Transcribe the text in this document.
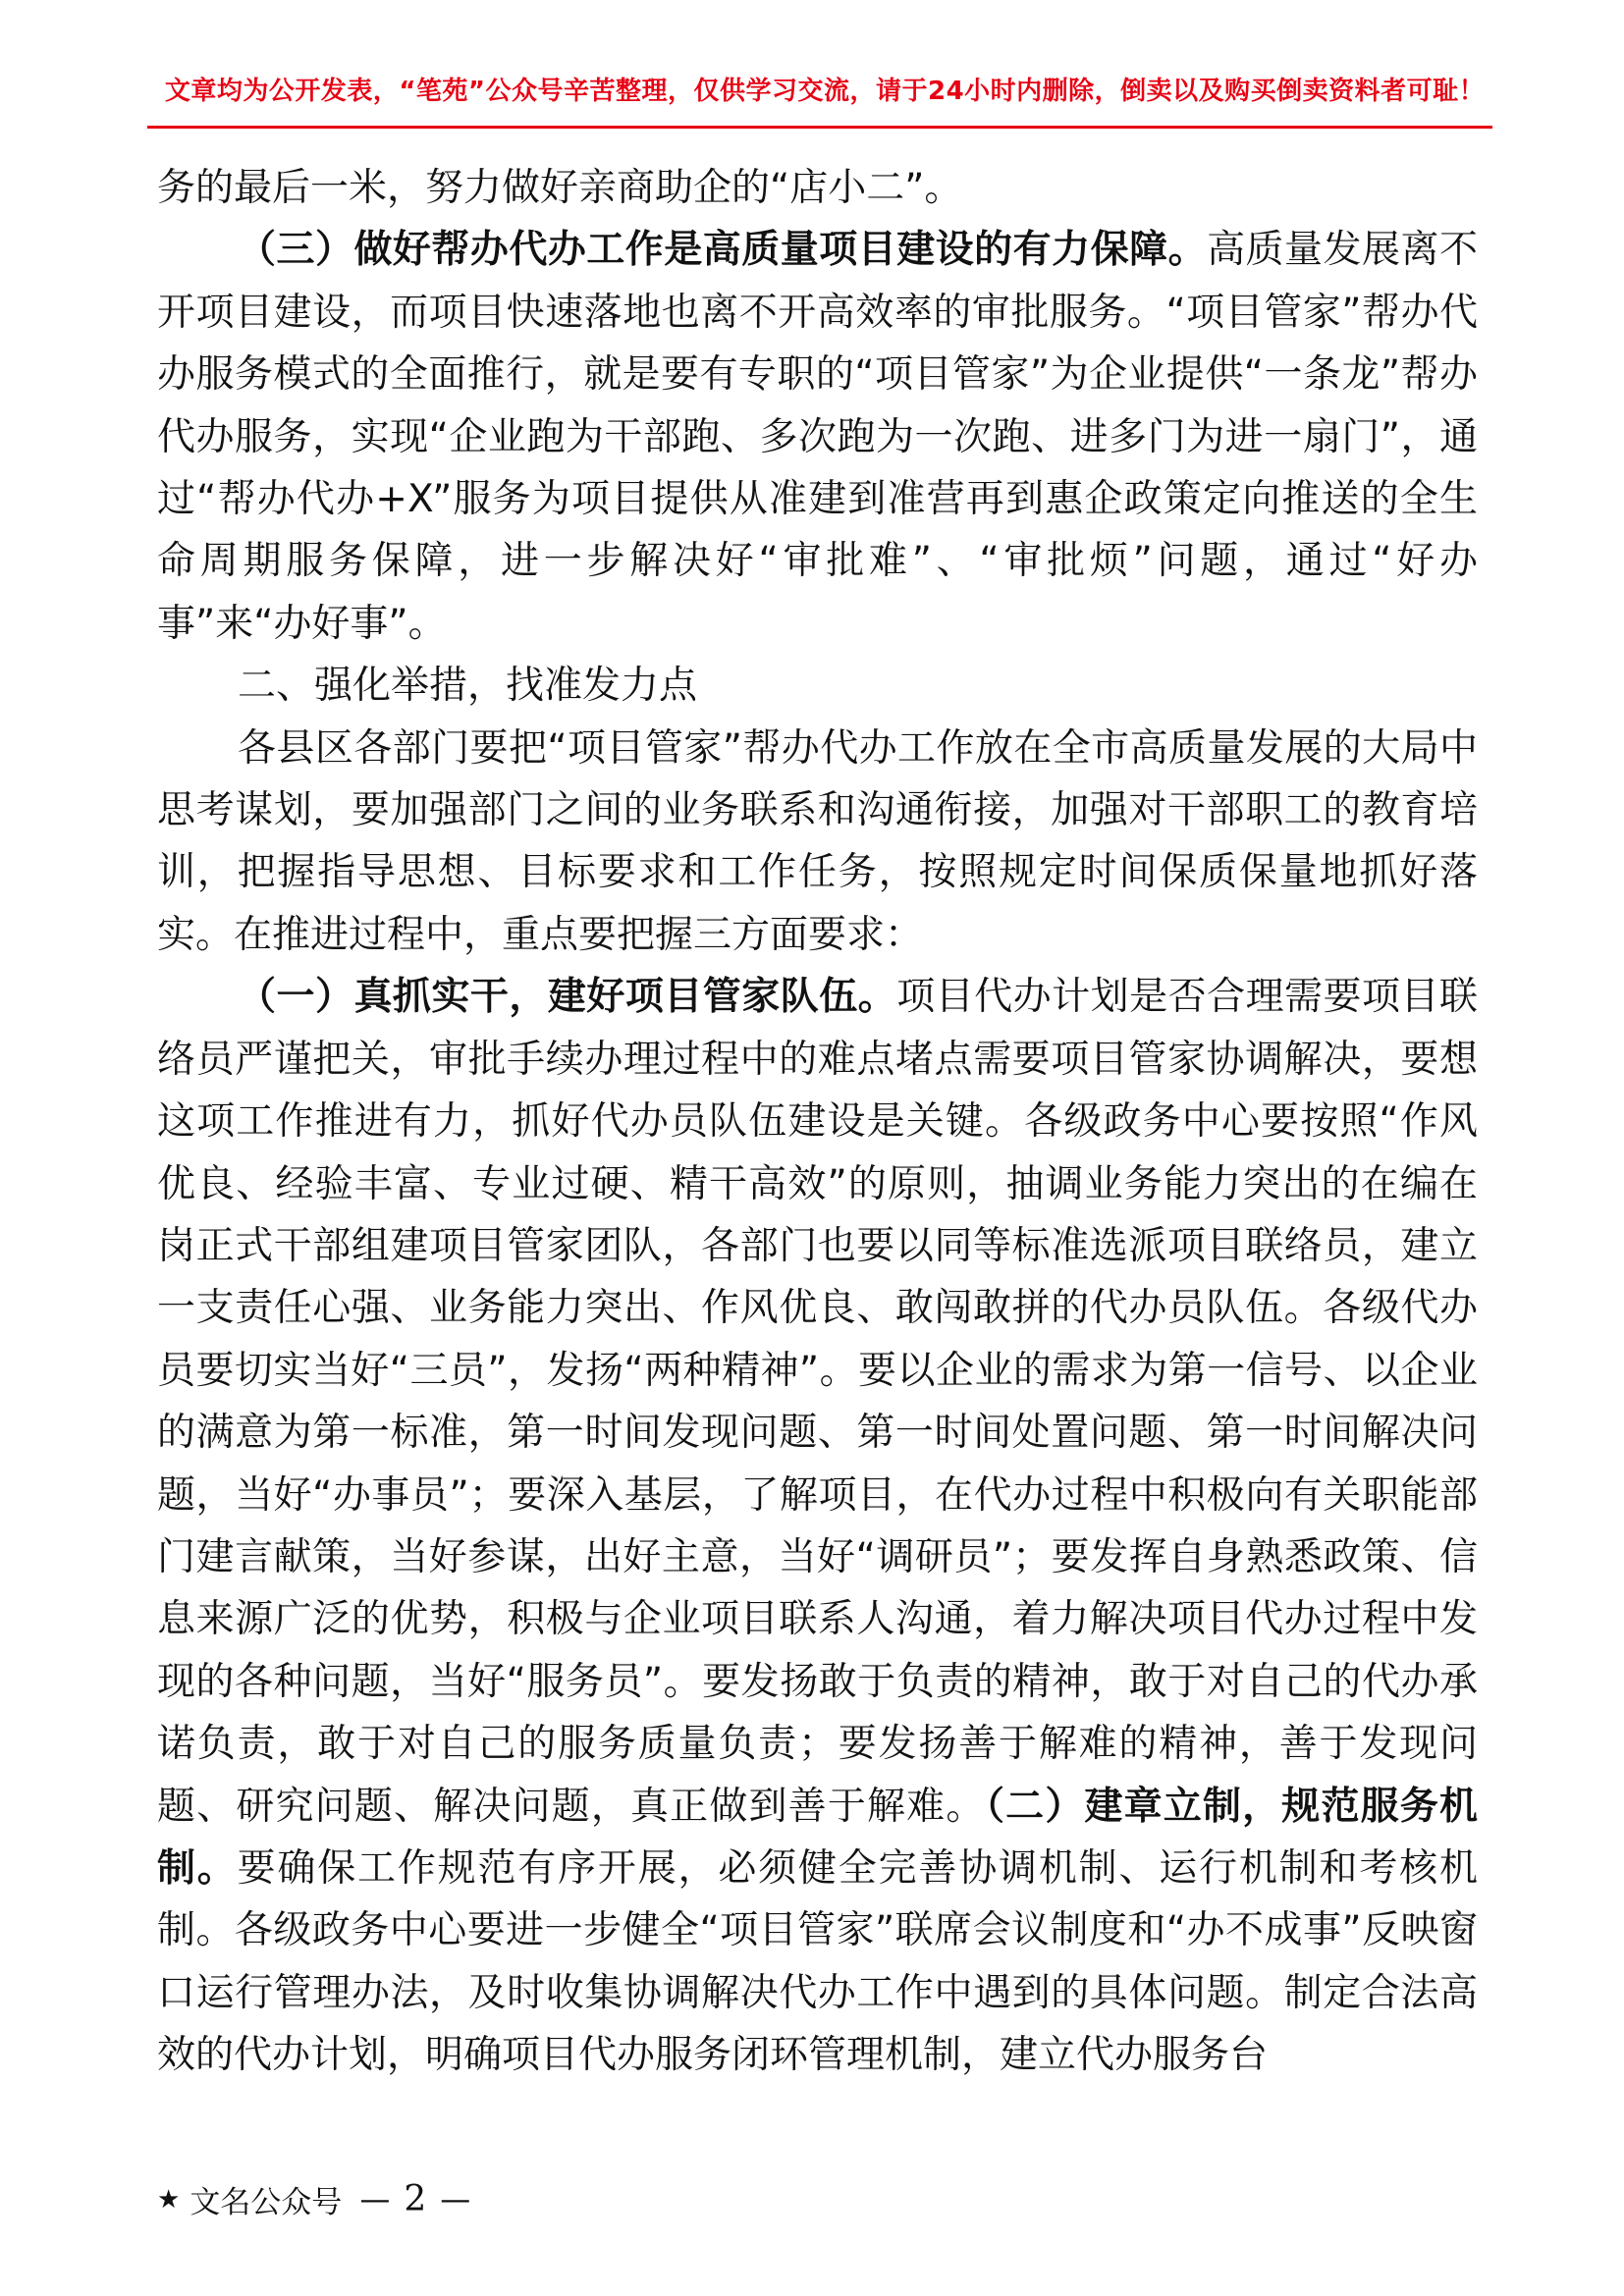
文章均为公开发表，“笔苑”公众号辛苦整理，仅供学习交流，请于24小时内删除，倒卖以及购买倒卖资料者可耻！

务的最后一米，努力做好亲商助企的“店小二”。

（三）做好帮办代办工作是高质量项目建设的有力保障。高质量发展离不开项目建设，而项目快速落地也离不开高效率的审批服务。“项目管家”帮办代办服务模式的全面推行，就是要有专职的“项目管家”为企业提供“一条龙”帮办代办服务，实现“企业跑为干部跑、多次跑为一次跑、进多门为进一扇门”，通过“帮办代办+X”服务为项目提供从准建到准营再到惠企政策定向推送的全生命周期服务保障，进一步解决好“审批难”、“审批烦”问题，通过“好办事”来“办好事”。

二、强化举措，找准发力点

各县区各部门要把“项目管家”帮办代办工作放在全市高质量发展的大局中思考谋划，要加强部门之间的业务联系和沟通衔接，加强对干部职工的教育培训，把握指导思想、目标要求和工作任务，按照规定时间保质保量地抓好落实。在推进过程中，重点要把握三方面要求：

（一）真抓实干，建好项目管家队伍。项目代办计划是否合理需要项目联络员严谨把关，审批手续办理过程中的难点堵点需要项目管家协调解决，要想这项工作推进有力，抓好代办员队伍建设是关键。各级政务中心要按照“作风优良、经验丰富、专业过硬、精干高效”的原则，抽调业务能力突出的在编在岗正式干部组建项目管家团队，各部门也要以同等标准选派项目联络员，建立一支责任心强、业务能力突出、作风优良、敢闯敢拼的代办员队伍。各级代办员要切实当好“三员”，发扬“两种精神”。要以企业的需求为第一信号、以企业的满意为第一标准，第一时间发现问题、第一时间处置问题、第一时间解决问题，当好“办事员”；要深入基层，了解项目，在代办过程中积极向有关职能部门建言献策，当好参谋，出好主意，当好“调研员”；要发挥自身熟悉政策、信息来源广泛的优势，积极与企业项目联系人沟通，着力解决项目代办过程中发现的各种问题，当好“服务员”。要发扬敢于负责的精神，敢于对自己的代办承诺负责，敢于对自己的服务质量负责；要发扬善于解难的精神，善于发现问题、研究问题、解决问题，真正做到善于解难。（二）建章立制，规范服务机制。要确保工作规范有序开展，必须健全完善协调机制、运行机制和考核机制。各级政务中心要进一步健全“项目管家”联席会议制度和“办不成事”反映窗口运行管理办法，及时收集协调解决代办工作中遇到的具体问题。制定合法高效的代办计划，明确项目代办服务闭环管理机制，建立代办服务台

★ 文名公众号 — 2 —
